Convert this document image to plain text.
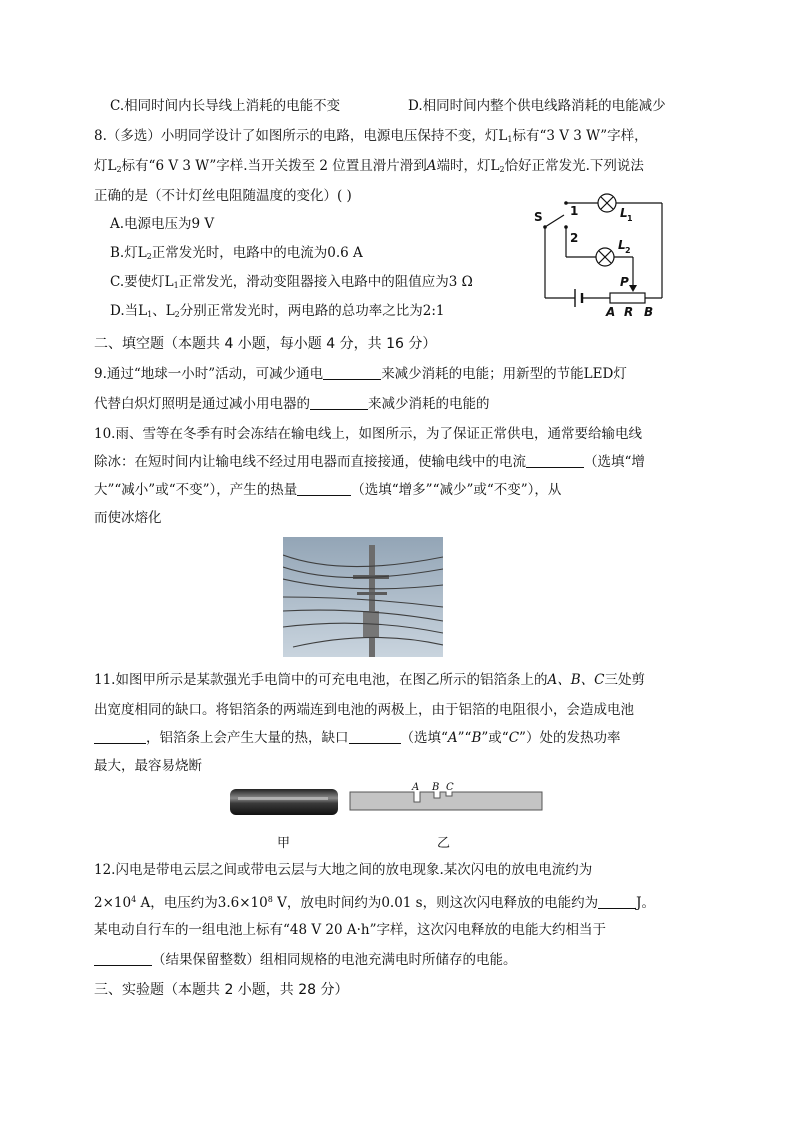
C.相同时间内长导线上消耗的电能不变	D.相同时间内整个供电线路消耗的电能减少
8.（多选）小明同学设计了如图所示的电路，电源电压保持不变，灯$L_1$标有“3 V 3 W”字样，
灯$L_2$标有“6 V 3 W”字样.当开关拨至 2 位置且滑片滑到A端时，灯$L_2$恰好正常发光.下列说法
正确的是（不计灯丝电阻随温度的变化）( )
A.电源电压为9 V
B.灯$L_2$正常发光时，电路中的电流为0.6 A
C.要使灯$L_1$正常发光，滑动变阻器接入电路中的阻值应为3 Ω
D.当$L_1$、$L_2$分别正常发光时，两电路的总功率之比为2:1
S 1
2
L 1
L 2
P
A R B
二、填空题（本题共 4 小题，每小题 4 分，共 16 分）
9.通过“地球一小时”活动，可减少通电	来减少消耗的电能；用新型的节能LED灯
代替白炽灯照明是通过减小用电器的	来减少消耗的电能的
10.雨、雪等在冬季有时会冻结在输电线上，如图所示，为了保证正常供电，通常要给输电线
除冰：在短时间内让输电线不经过用电器而直接接通，使输电线中的电流	（选填“增
大”“减小”或“不变”），产生的热量	（选填“增多”“减少”或“不变”），从
而使冰熔化
11.如图甲所示是某款强光手电筒中的可充电电池，在图乙所示的铝箔条上的A、B、C三处剪
出宽度相同的缺口。将铝箔条的两端连到电池的两极上，由于铝箔的电阻很小，会造成电池
，铝箔条上会产生大量的热，缺口	（选填“A”“B”或“C”）处的发热功率
最大，最容易烧断
A B C
甲	乙
12.闪电是带电云层之间或带电云层与大地之间的放电现象.某次闪电的放电电流约为
$2\times 10^4$ A，电压约为$3.6\times 10^8$ V，放电时间约为0.01 s，则这次闪电释放的电能约为	J。
某电动自行车的一组电池上标有“48 V 20 A·h”字样，这次闪电释放的电能大约相当于
（结果保留整数）组相同规格的电池充满电时所储存的电能。
三、实验题（本题共 2 小题，共 28 分）
